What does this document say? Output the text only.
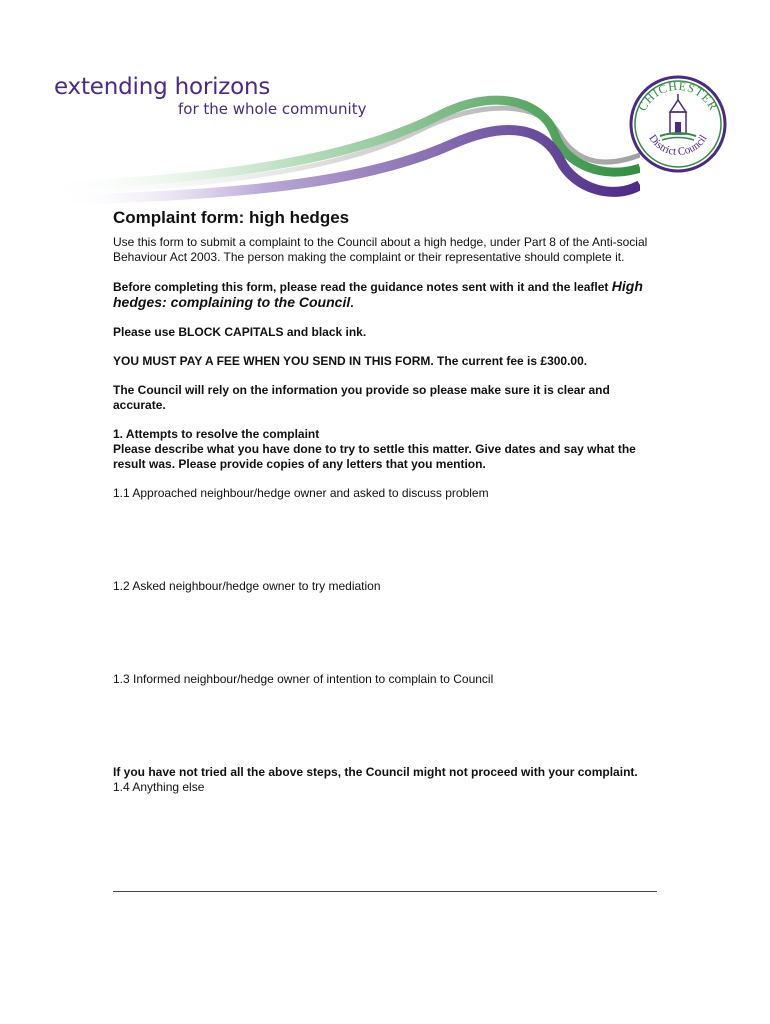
extending horizons
for the whole community	CHICHESTER
District Council
Complaint form: high hedges

Use this form to submit a complaint to the Council about a high hedge, under Part 8 of the Anti-social Behaviour Act 2003. The person making the complaint or their representative should complete it.

Before completing this form, please read the guidance notes sent with it and the leaflet High hedges: complaining to the Council.

Please use BLOCK CAPITALS and black ink.

YOU MUST PAY A FEE WHEN YOU SEND IN THIS FORM. The current fee is £300.00.

The Council will rely on the information you provide so please make sure it is clear and accurate.

1. Attempts to resolve the complaint

Please describe what you have done to try to settle this matter. Give dates and say what the result was. Please provide copies of any letters that you mention.

1.1 Approached neighbour/hedge owner and asked to discuss problem

1.2 Asked neighbour/hedge owner to try mediation

1.3 Informed neighbour/hedge owner of intention to complain to Council

If you have not tried all the above steps, the Council might not proceed with your complaint.

1.4 Anything else
